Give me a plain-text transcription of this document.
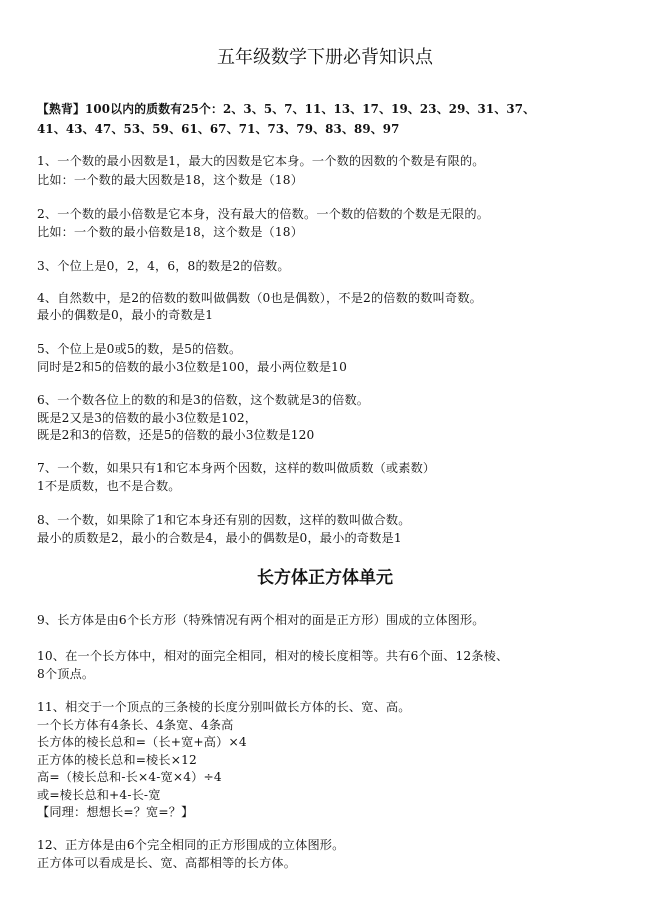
五年级数学下册必背知识点
【熟背】100以内的质数有25个：2、3、5、7、11、13、17、19、23、29、31、37、
41、43、47、53、59、61、67、71、73、79、83、89、97
1、一个数的最小因数是1，最大的因数是它本身。一个数的因数的个数是有限的。
比如：一个数的最大因数是18，这个数是（18）
2、一个数的最小倍数是它本身，没有最大的倍数。一个数的倍数的个数是无限的。
比如：一个数的最小倍数是18，这个数是（18）
3、个位上是0，2，4，6，8的数是2的倍数。
4、自然数中，是2的倍数的数叫做偶数（0也是偶数），不是2的倍数的数叫奇数。
最小的偶数是0，最小的奇数是1
5、个位上是0或5的数，是5的倍数。
同时是2和5的倍数的最小3位数是100，最小两位数是10
6、一个数各位上的数的和是3的倍数，这个数就是3的倍数。
既是2又是3的倍数的最小3位数是102，
既是2和3的倍数，还是5的倍数的最小3位数是120
7、一个数，如果只有1和它本身两个因数，这样的数叫做质数（或素数）
1不是质数，也不是合数。
8、一个数，如果除了1和它本身还有别的因数，这样的数叫做合数。
最小的质数是2，最小的合数是4，最小的偶数是0，最小的奇数是1
长方体正方体单元
9、长方体是由6个长方形（特殊情况有两个相对的面是正方形）围成的立体图形。
10、在一个长方体中，相对的面完全相同，相对的棱长度相等。共有6个面、12条棱、
8个顶点。
11、相交于一个顶点的三条棱的长度分别叫做长方体的长、宽、高。
一个长方体有4条长、4条宽、4条高
长方体的棱长总和=（长+宽+高）×4
正方体的棱长总和=棱长×12
高=（棱长总和-长×4-宽×4）÷4
或=棱长总和+4-长-宽
【同理：想想长=？宽=？】
12、正方体是由6个完全相同的正方形围成的立体图形。
正方体可以看成是长、宽、高都相等的长方体。
